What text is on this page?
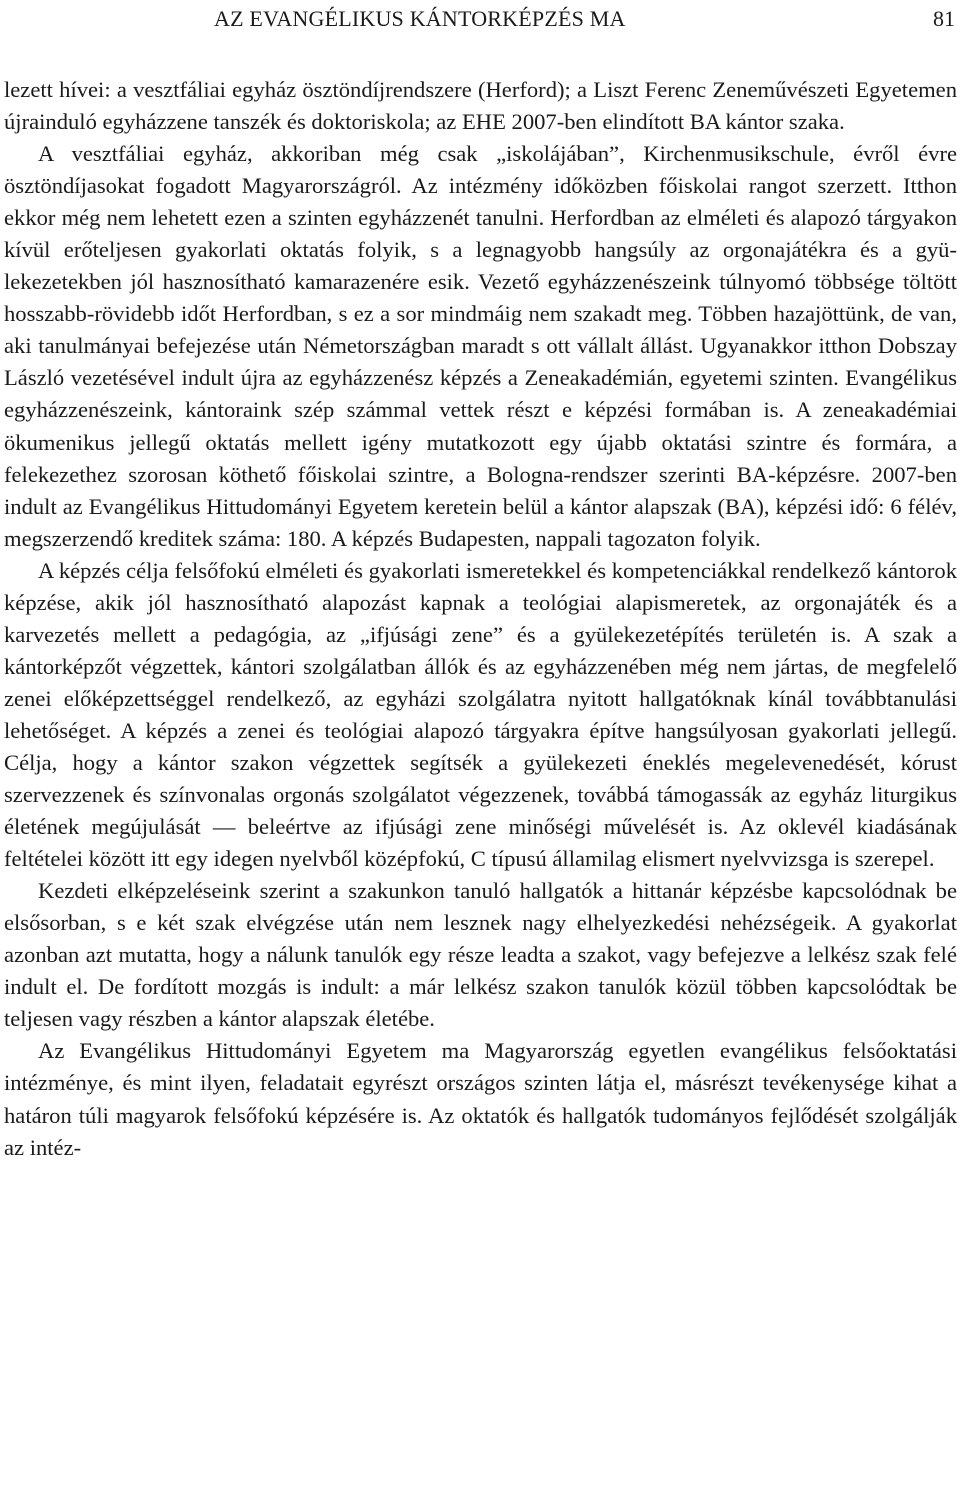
AZ EVANGÉLIKUS KÁNTORKÉPZÉS MA	81

lezett hívei: a vesztfáliai egyház ösztöndíjrendszere (Herford); a Liszt Ferenc Zeneművészeti Egyetemen újrainduló egyházzene tanszék és doktoriskola; az EHE 2007-ben elindított BA kántor szaka.

A vesztfáliai egyház, akkoriban még csak „iskolájában”, Kirchenmusikschule, évről évre ösztöndíjasokat fogadott Magyarországról. Az intézmény időközben főiskolai rangot szerzett. Itthon ekkor még nem lehetett ezen a szinten egyházzenét tanulni. Herfordban az elméleti és alapozó tárgyakon kívül erőteljesen gyakorlati oktatás folyik, s a legnagyobb hangsúly az orgonajátékra és a gyülekezetekben jól hasznosítható kamarazenére esik. Vezető egyházzenészeink túlnyomó többsége töltött hosszabb-rövidebb időt Herfordban, s ez a sor mindmáig nem szakadt meg. Többen hazajöttünk, de van, aki tanulmányai befejezése után Németországban maradt s ott vállalt állást. Ugyanakkor itthon Dobszay László vezetésével indult újra az egyházzenész képzés a Zeneakadémián, egyetemi szinten. Evangélikus egyházzenészeink, kántoraink szép számmal vettek részt e képzési formában is. A zeneakadémiai ökumenikus jellegű oktatás mellett igény mutatkozott egy újabb oktatási szintre és formára, a felekezethez szorosan köthető főiskolai szintre, a Bologna-rendszer szerinti BA-képzésre. 2007-ben indult az Evangélikus Hittudományi Egyetem keretein belül a kántor alapszak (BA), képzési idő: 6 félév, megszerzendő kreditek száma: 180. A képzés Budapesten, nappali tagozaton folyik.

A képzés célja felsőfokú elméleti és gyakorlati ismeretekkel és kompetenciákkal rendelkező kántorok képzése, akik jól hasznosítható alapozást kapnak a teológiai alapismeretek, az orgonajáték és a karvezetés mellett a pedagógia, az „ifjúsági zene” és a gyülekezetépítés területén is. A szak a kántorképzőt végzettek, kántori szolgálatban állók és az egyházzenében még nem jártas, de megfelelő zenei előképzettséggel rendelkező, az egyházi szolgálatra nyitott hallgatóknak kínál továbbtanulási lehetőséget. A képzés a zenei és teológiai alapozó tárgyakra építve hangsúlyosan gyakorlati jellegű. Célja, hogy a kántor szakon végzettek segítsék a gyülekezeti éneklés megelevenedését, kórust szervezzenek és színvonalas orgonás szolgálatot végezzenek, továbbá támogassák az egyház liturgikus életének megújulását — beleértve az ifjúsági zene minőségi művelését is. Az oklevél kiadásának feltételei között itt egy idegen nyelvből középfokú, C típusú államilag elismert nyelvvizsga is szerepel.

Kezdeti elképzeléseink szerint a szakunkon tanuló hallgatók a hittanár képzésbe kapcsolódnak be elsősorban, s e két szak elvégzése után nem lesznek nagy elhelyezkedési nehézségeik. A gyakorlat azonban azt mutatta, hogy a nálunk tanulók egy része leadta a szakot, vagy befejezve a lelkész szak felé indult el. De fordított mozgás is indult: a már lelkész szakon tanulók közül többen kapcsolódtak be teljesen vagy részben a kántor alapszak életébe.

Az Evangélikus Hittudományi Egyetem ma Magyarország egyetlen evangélikus felsőoktatási intézménye, és mint ilyen, feladatait egyrészt országos szinten látja el, másrészt tevékenysége kihat a határon túli magyarok felsőfokú képzésére is. Az oktatók és hallgatók tudományos fejlődését szolgálják az intéz-
